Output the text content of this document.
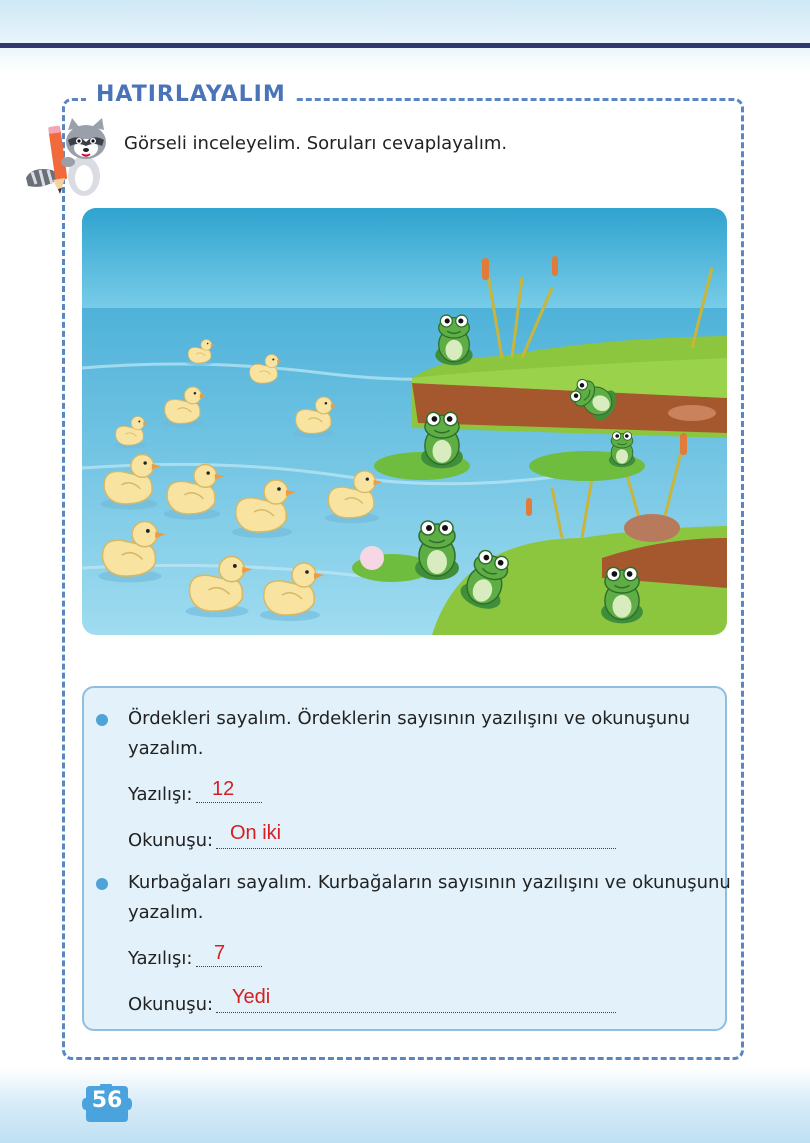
HATIRLAYALIM
Görseli inceleyelim. Soruları cevaplayalım.
Ördekleri sayalım. Ördeklerin sayısının yazılışını ve okunuşunu
yazalım.
Yazılışı: 12
Okunuşu: On iki
Kurbağaları sayalım. Kurbağaların sayısının yazılışını ve okunuşunu
yazalım.
Yazılışı: 7
Okunuşu: Yedi
56
